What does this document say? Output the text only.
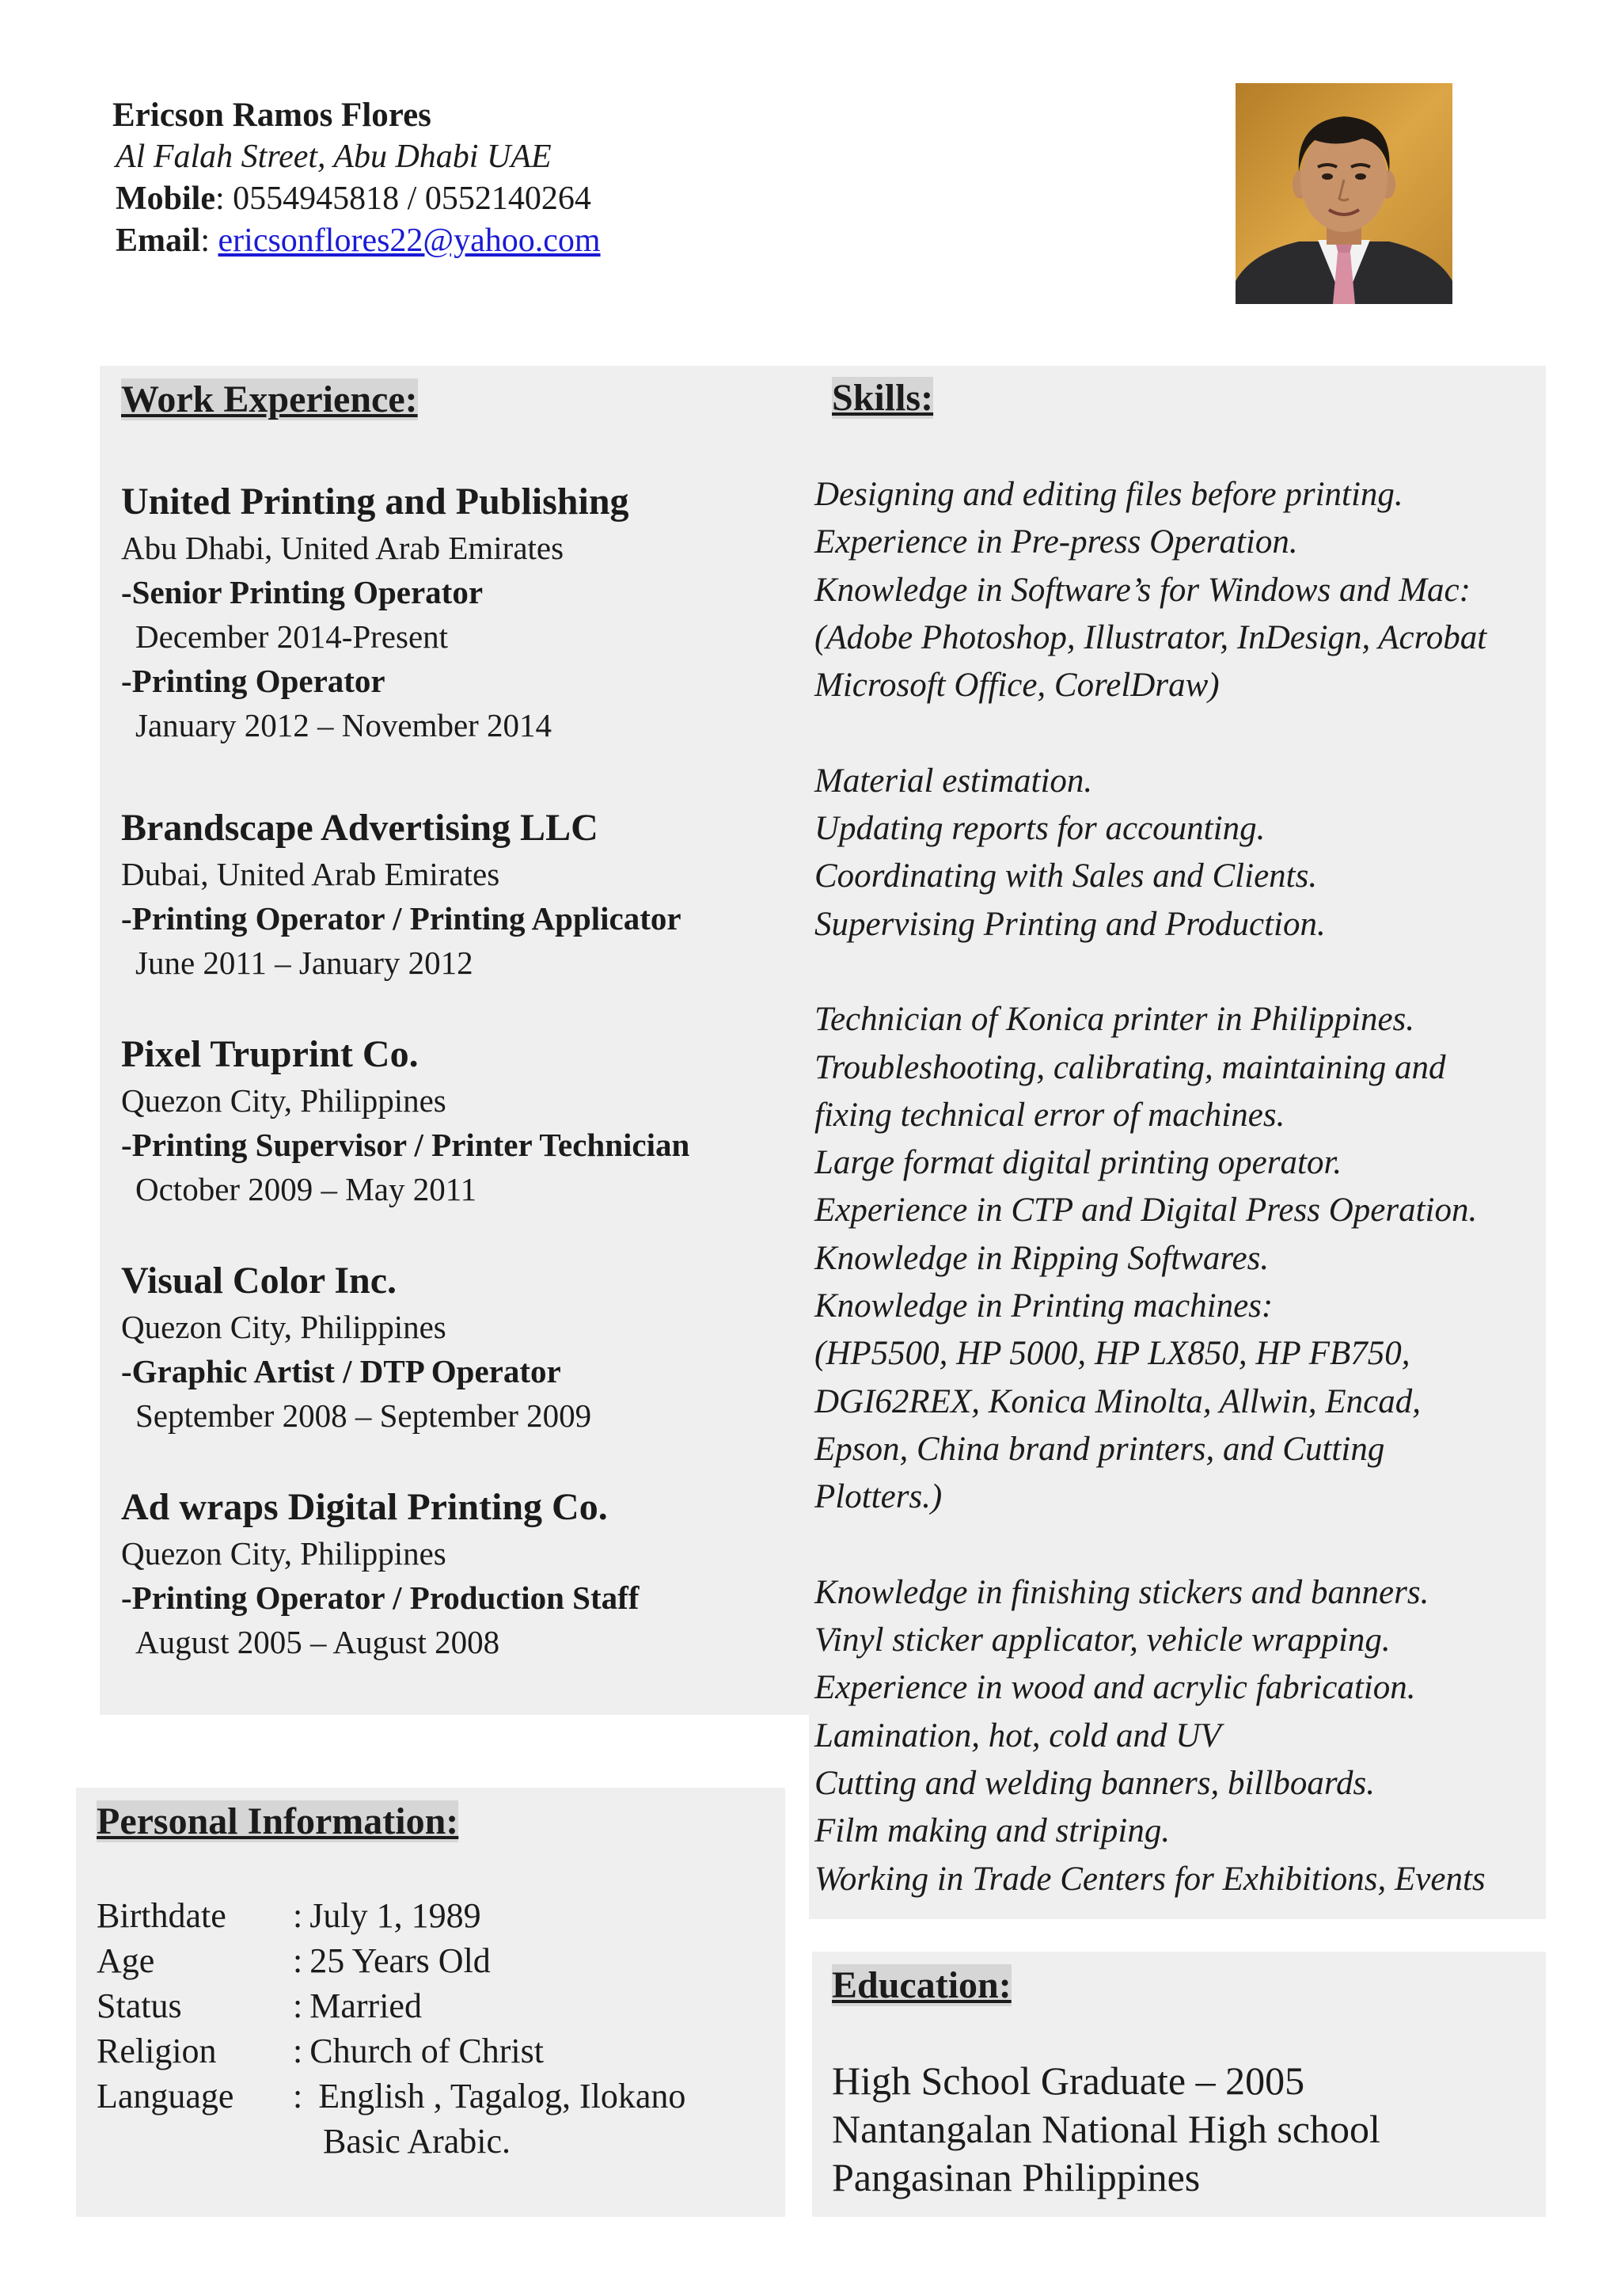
Ericson Ramos Flores
Al Falah Street, Abu Dhabi UAE
Mobile: 0554945818 / 0552140264
Email: ericsonflores22@yahoo.com
Work Experience:
United Printing and Publishing
Abu Dhabi, United Arab Emirates
-Senior Printing Operator
December 2014-Present
-Printing Operator
January 2012 – November 2014
Brandscape Advertising LLC
Dubai, United Arab Emirates
-Printing Operator / Printing Applicator
June 2011 – January 2012
Pixel Truprint Co.
Quezon City, Philippines
-Printing Supervisor / Printer Technician
October 2009 – May 2011
Visual Color Inc.
Quezon City, Philippines
-Graphic Artist / DTP Operator
September 2008 – September 2009
Ad wraps Digital Printing Co.
Quezon City, Philippines
-Printing Operator / Production Staff
August 2005 – August 2008
Skills:
Designing and editing files before printing.
Experience in Pre-press Operation.
Knowledge in Software’s for Windows and Mac:
(Adobe Photoshop, Illustrator, InDesign, Acrobat
Microsoft Office, CorelDraw)
Material estimation.
Updating reports for accounting.
Coordinating with Sales and Clients.
Supervising Printing and Production.
Technician of Konica printer in Philippines.
Troubleshooting, calibrating, maintaining and
fixing technical error of machines.
Large format digital printing operator.
Experience in CTP and Digital Press Operation.
Knowledge in Ripping Softwares.
Knowledge in Printing machines:
(HP5500, HP 5000, HP LX850, HP FB750,
DGI62REX, Konica Minolta, Allwin, Encad,
Epson, China brand printers, and Cutting
Plotters.)
Knowledge in finishing stickers and banners.
Vinyl sticker applicator, vehicle wrapping.
Experience in wood and acrylic fabrication.
Lamination, hot, cold and UV
Cutting and welding banners, billboards.
Film making and striping.
Working in Trade Centers for Exhibitions, Events
Personal Information:
Birthdate	: July 1, 1989
Age	: 25 Years Old
Status	: Married
Religion	: Church of Christ
Language	: English , Tagalog, Ilokano
Basic Arabic.
Education:
High School Graduate – 2005
Nantangalan National High school
Pangasinan Philippines
